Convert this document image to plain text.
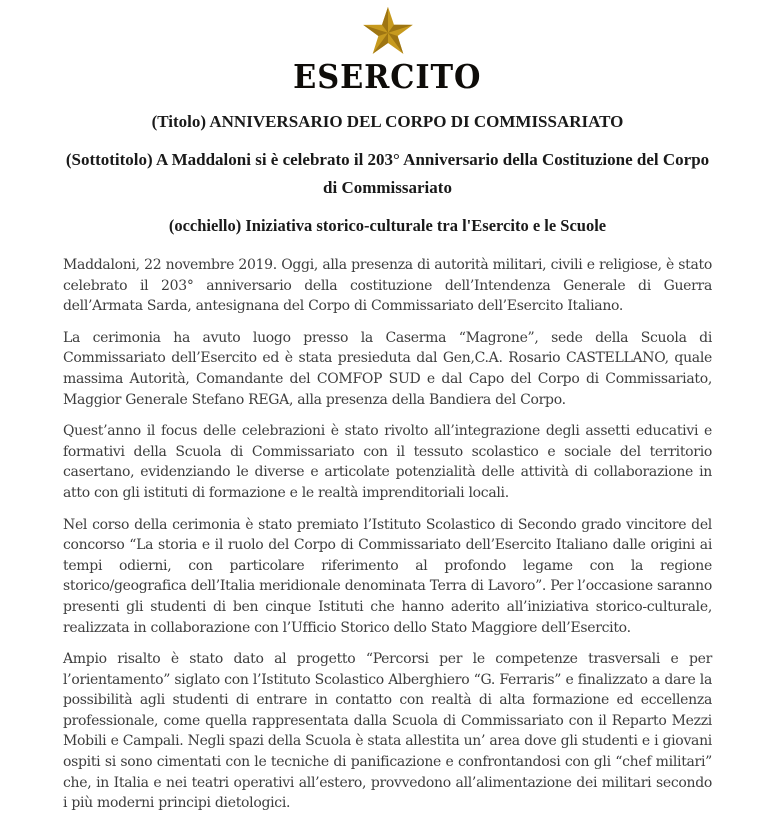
ESERCITO
(Titolo) ANNIVERSARIO DEL CORPO DI COMMISSARIATO
(Sottotitolo) A Maddaloni si è celebrato il 203° Anniversario della Costituzione del Corpo di Commissariato
(occhiello) Iniziativa storico-culturale tra l'Esercito e le Scuole

Maddaloni, 22 novembre 2019. Oggi, alla presenza di autorità militari, civili e religiose, è stato celebrato il 203° anniversario della costituzione dell’Intendenza Generale di Guerra dell’Armata Sarda, antesignana del Corpo di Commissariato dell’Esercito Italiano.

La cerimonia ha avuto luogo presso la Caserma “Magrone”, sede della Scuola di Commissariato dell’Esercito ed è stata presieduta dal Gen,C.A. Rosario CASTELLANO, quale massima Autorità, Comandante del COMFOP SUD e dal Capo del Corpo di Commissariato, Maggior Generale Stefano REGA, alla presenza della Bandiera del Corpo.

Quest’anno il focus delle celebrazioni è stato rivolto all’integrazione degli assetti educativi e formativi della Scuola di Commissariato con il tessuto scolastico e sociale del territorio casertano, evidenziando le diverse e articolate potenzialità delle attività di collaborazione in atto con gli istituti di formazione e le realtà imprenditoriali locali.

Nel corso della cerimonia è stato premiato l’Istituto Scolastico di Secondo grado vincitore del concorso “La storia e il ruolo del Corpo di Commissariato dell’Esercito Italiano dalle origini ai tempi odierni, con particolare riferimento al profondo legame con la regione storico/geografica dell’Italia meridionale denominata Terra di Lavoro”. Per l’occasione saranno presenti gli studenti di ben cinque Istituti che hanno aderito all’iniziativa storico-culturale, realizzata in collaborazione con l’Ufficio Storico dello Stato Maggiore dell’Esercito.

Ampio risalto è stato dato al progetto “Percorsi per le competenze trasversali e per l’orientamento” siglato con l’Istituto Scolastico Alberghiero “G. Ferraris” e finalizzato a dare la possibilità agli studenti di entrare in contatto con realtà di alta formazione ed eccellenza professionale, come quella rappresentata dalla Scuola di Commissariato con il Reparto Mezzi Mobili e Campali. Negli spazi della Scuola è stata allestita un’ area dove gli studenti e i giovani ospiti si sono cimentati con le tecniche di panificazione e confrontandosi con gli “chef militari” che, in Italia e nei teatri operativi all’estero, provvedono all’alimentazione dei militari secondo i più moderni principi dietologici.
